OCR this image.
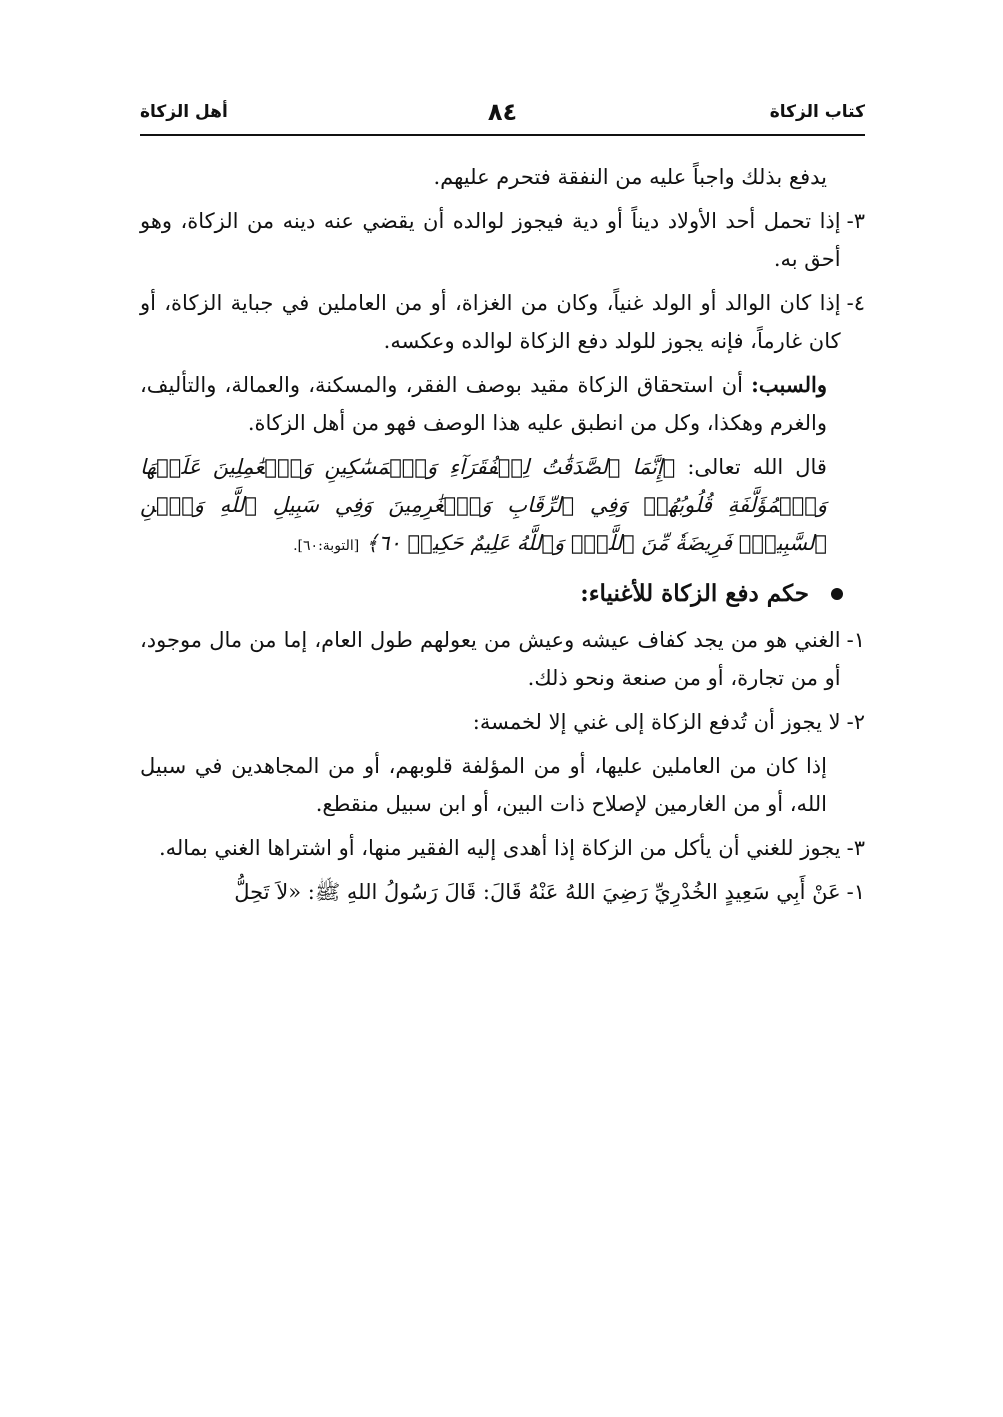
كتاب الزكاة
٨٤
أهل الزكاة

يدفع بذلك واجباً عليه من النفقة فتحرم عليهم.

٣-
إذا تحمل أحد الأولاد ديناً أو دية فيجوز لوالده أن يقضي عنه دينه من الزكاة، وهو أحق به.
٤-
إذا كان الوالد أو الولد غنياً، وكان من الغزاة، أو من العاملين في جباية الزكاة، أو كان غارماً، فإنه يجوز للولد دفع الزكاة لوالده وعكسه.

والسبب: أن استحقاق الزكاة مقيد بوصف الفقر، والمسكنة، والعمالة، والتأليف، والغرم وهكذا، وكل من انطبق عليه هذا الوصف فهو من أهل الزكاة.

قال الله تعالى: ﴿إِنَّمَا ٱلصَّدَقَٰتُ لِلۡفُقَرَآءِ وَٱلۡمَسَٰكِينِ وَٱلۡعَٰمِلِينَ عَلَيۡهَا وَٱلۡمُؤَلَّفَةِ قُلُوبُهُمۡ وَفِي ٱلرِّقَابِ وَٱلۡغَٰرِمِينَ وَفِي سَبِيلِ ٱللَّهِ وَٱبۡنِ ٱلسَّبِيلِۖ فَرِيضَةٗ مِّنَ ٱللَّهِۗ وَٱللَّهُ عَلِيمٌ حَكِيمٞ ٦٠﴾ [التوبة:٦٠].

حكم دفع الزكاة للأغنياء:
١-
الغني هو من يجد كفاف عيشه وعيش من يعولهم طول العام، إما من مال موجود، أو من تجارة، أو من صنعة ونحو ذلك.
٢-
لا يجوز أن تُدفع الزكاة إلى غني إلا لخمسة:

إذا كان من العاملين عليها، أو من المؤلفة قلوبهم، أو من المجاهدين في سبيل الله، أو من الغارمين لإصلاح ذات البين، أو ابن سبيل منقطع.

٣-
يجوز للغني أن يأكل من الزكاة إذا أهدى إليه الفقير منها، أو اشتراها الغني بماله.
١-
عَنْ أَبِي سَعِيدٍ الخُدْرِيِّ رَضِيَ اللهُ عَنْهُ قَالَ: قَالَ رَسُولُ اللهِ ﷺ: «لاَ تَحِلُّ
